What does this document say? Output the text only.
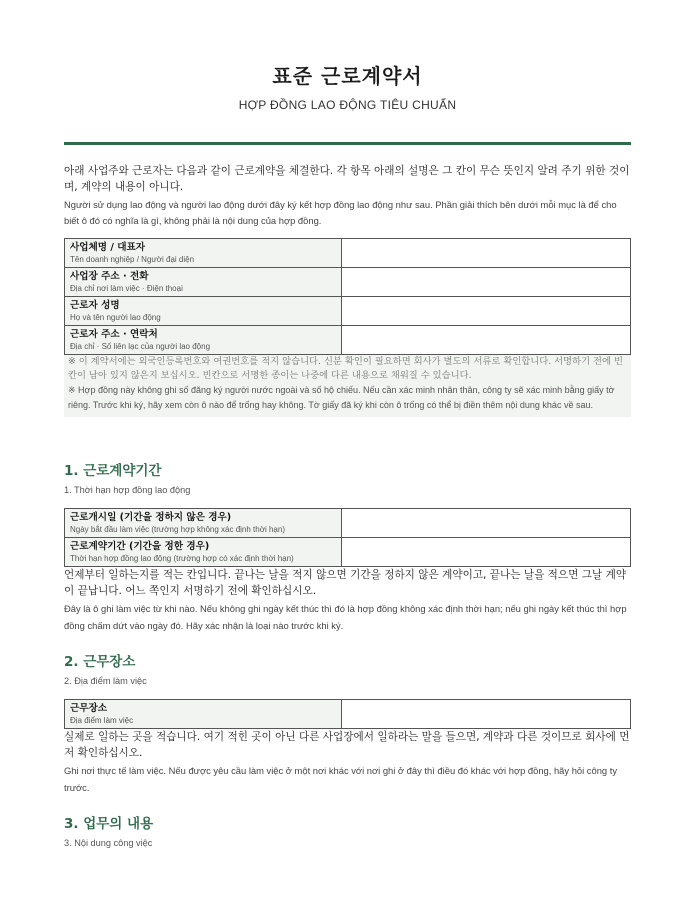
표준 근로계약서
HỢP ĐỒNG LAO ĐỘNG TIÊU CHUẨN
아래 사업주와 근로자는 다음과 같이 근로계약을 체결한다. 각 항목 아래의 설명은 그 칸이 무슨 뜻인지 알려 주기 위한 것이며, 계약의 내용이 아니다.
Người sử dụng lao động và người lao động dưới đây ký kết hợp đồng lao động như sau. Phần giải thích bên dưới mỗi mục là để cho biết ô đó có nghĩa là gì, không phải là nội dung của hợp đồng.
사업체명 / 대표자
Tên doanh nghiệp / Người đại diện	

사업장 주소 · 전화
Địa chỉ nơi làm việc · Điện thoại	

근로자 성명
Họ và tên người lao động	

근로자 주소 · 연락처
Địa chỉ · Số liên lạc của người lao động	

※ 이 계약서에는 외국인등록번호와 여권번호를 적지 않습니다. 신분 확인이 필요하면 회사가 별도의 서류로 확인합니다. 서명하기 전에 빈칸이 남아 있지 않은지 보십시오. 빈칸으로 서명한 종이는 나중에 다른 내용으로 채워질 수 있습니다.
※ Hợp đồng này không ghi số đăng ký người nước ngoài và số hộ chiếu. Nếu cần xác minh nhân thân, công ty sẽ xác minh bằng giấy tờ riêng. Trước khi ký, hãy xem còn ô nào để trống hay không. Tờ giấy đã ký khi còn ô trống có thể bị điền thêm nội dung khác về sau.
1. 근로계약기간
1. Thời hạn hợp đồng lao động
근로개시일 (기간을 정하지 않은 경우)
Ngày bắt đầu làm việc (trường hợp không xác định thời hạn)	

근로계약기간 (기간을 정한 경우)
Thời hạn hợp đồng lao động (trường hợp có xác định thời hạn)	

언제부터 일하는지를 적는 칸입니다. 끝나는 날을 적지 않으면 기간을 정하지 않은 계약이고, 끝나는 날을 적으면 그날 계약이 끝납니다. 어느 쪽인지 서명하기 전에 확인하십시오.
Đây là ô ghi làm việc từ khi nào. Nếu không ghi ngày kết thúc thì đó là hợp đồng không xác định thời hạn; nếu ghi ngày kết thúc thì hợp đồng chấm dứt vào ngày đó. Hãy xác nhận là loại nào trước khi ký.
2. 근무장소
2. Địa điểm làm việc
근무장소
Địa điểm làm việc

실제로 일하는 곳을 적습니다. 여기 적힌 곳이 아닌 다른 사업장에서 일하라는 말을 들으면, 계약과 다른 것이므로 회사에 먼저 확인하십시오.
Ghi nơi thực tế làm việc. Nếu được yêu cầu làm việc ở một nơi khác với nơi ghi ở đây thì điều đó khác với hợp đồng, hãy hỏi công ty trước.
3. 업무의 내용
3. Nội dung công việc
